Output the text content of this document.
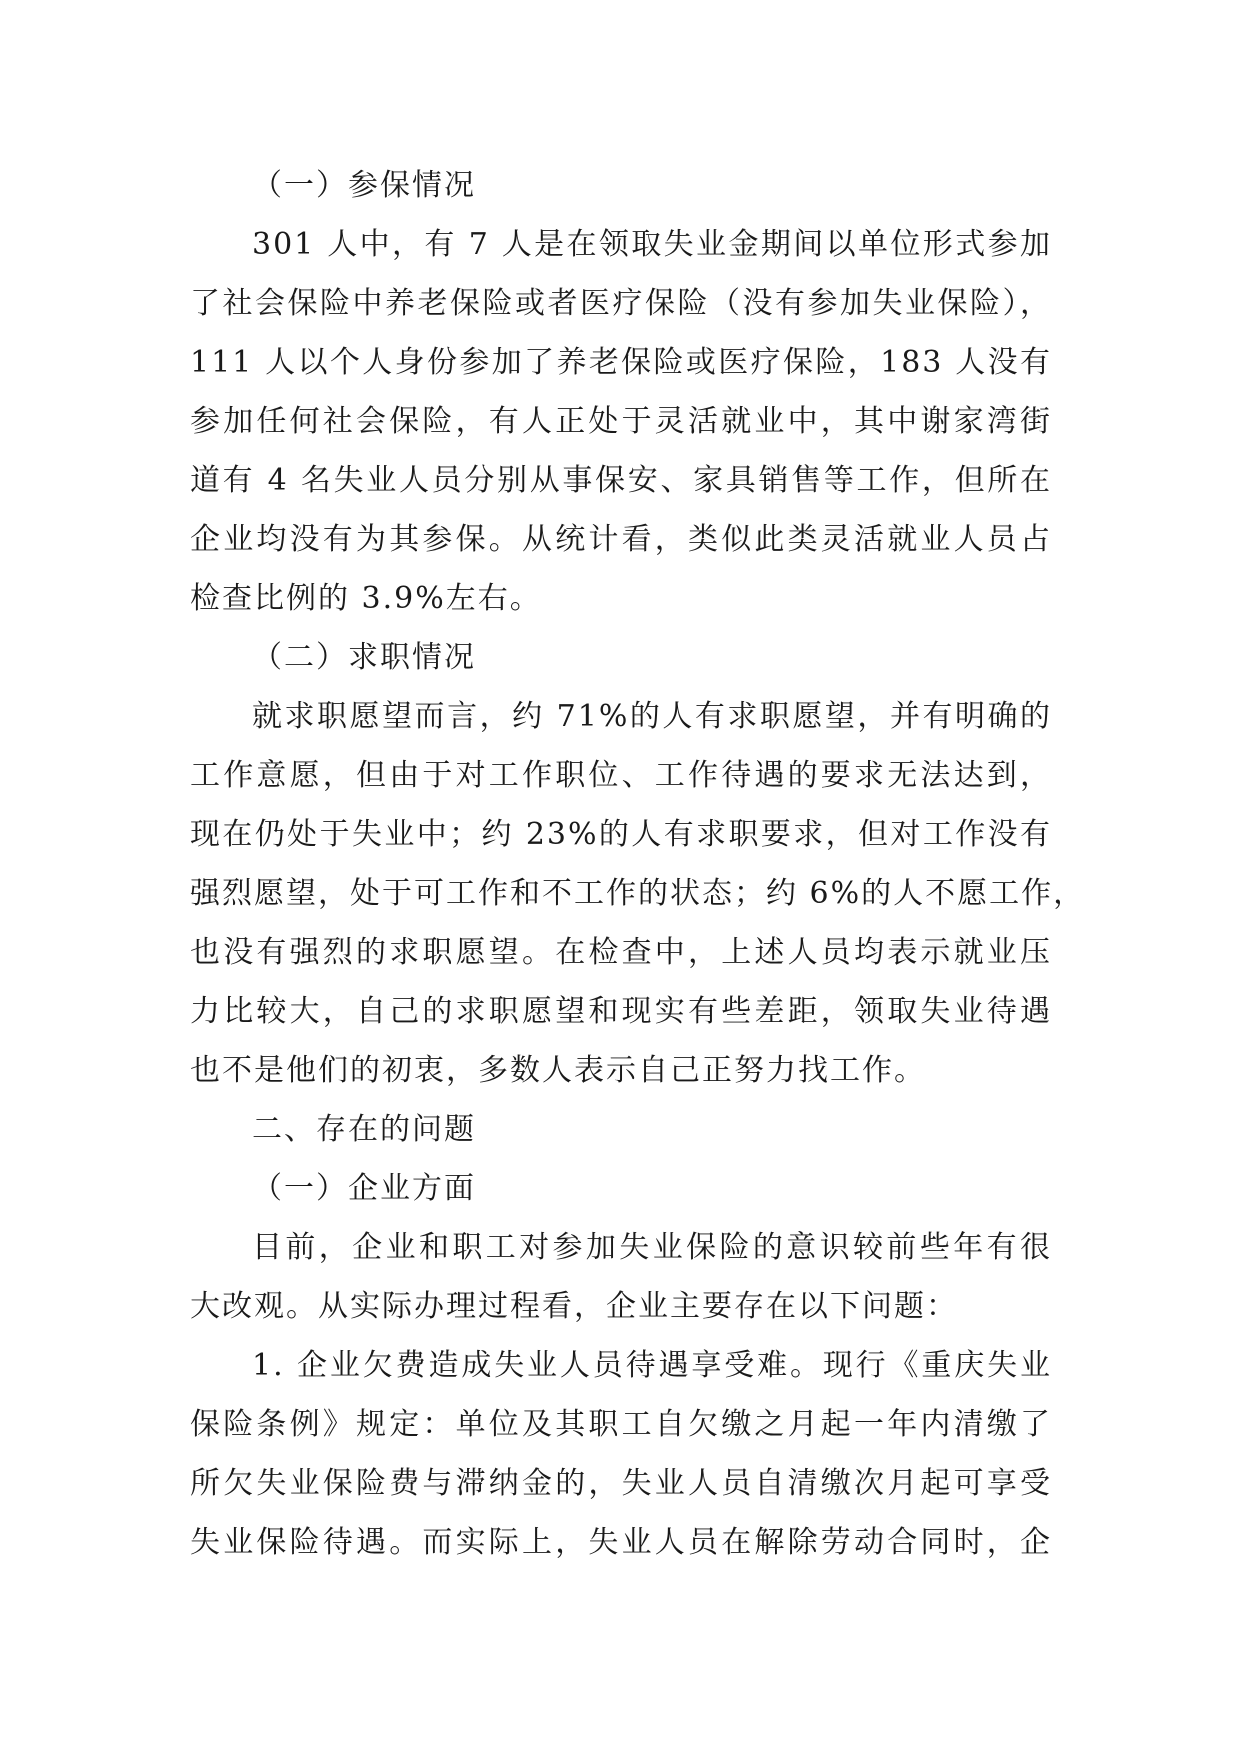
（一）参保情况
301 人中，有 7 人是在领取失业金期间以单位形式参加
了社会保险中养老保险或者医疗保险（没有参加失业保险），
111 人以个人身份参加了养老保险或医疗保险，183 人没有
参加任何社会保险，有人正处于灵活就业中，其中谢家湾街
道有 4 名失业人员分别从事保安、家具销售等工作，但所在
企业均没有为其参保。从统计看，类似此类灵活就业人员占
检查比例的 3.9%左右。
（二）求职情况
就求职愿望而言，约 71%的人有求职愿望，并有明确的
工作意愿，但由于对工作职位、工作待遇的要求无法达到，
现在仍处于失业中；约 23%的人有求职要求，但对工作没有
强烈愿望，处于可工作和不工作的状态；约 6%的人不愿工作，
也没有强烈的求职愿望。在检查中，上述人员均表示就业压
力比较大，自己的求职愿望和现实有些差距，领取失业待遇
也不是他们的初衷，多数人表示自己正努力找工作。
二、存在的问题
（一）企业方面
目前，企业和职工对参加失业保险的意识较前些年有很
大改观。从实际办理过程看，企业主要存在以下问题：
1. 企业欠费造成失业人员待遇享受难。现行《重庆失业
保险条例》规定：单位及其职工自欠缴之月起一年内清缴了
所欠失业保险费与滞纳金的，失业人员自清缴次月起可享受
失业保险待遇。而实际上，失业人员在解除劳动合同时，企
